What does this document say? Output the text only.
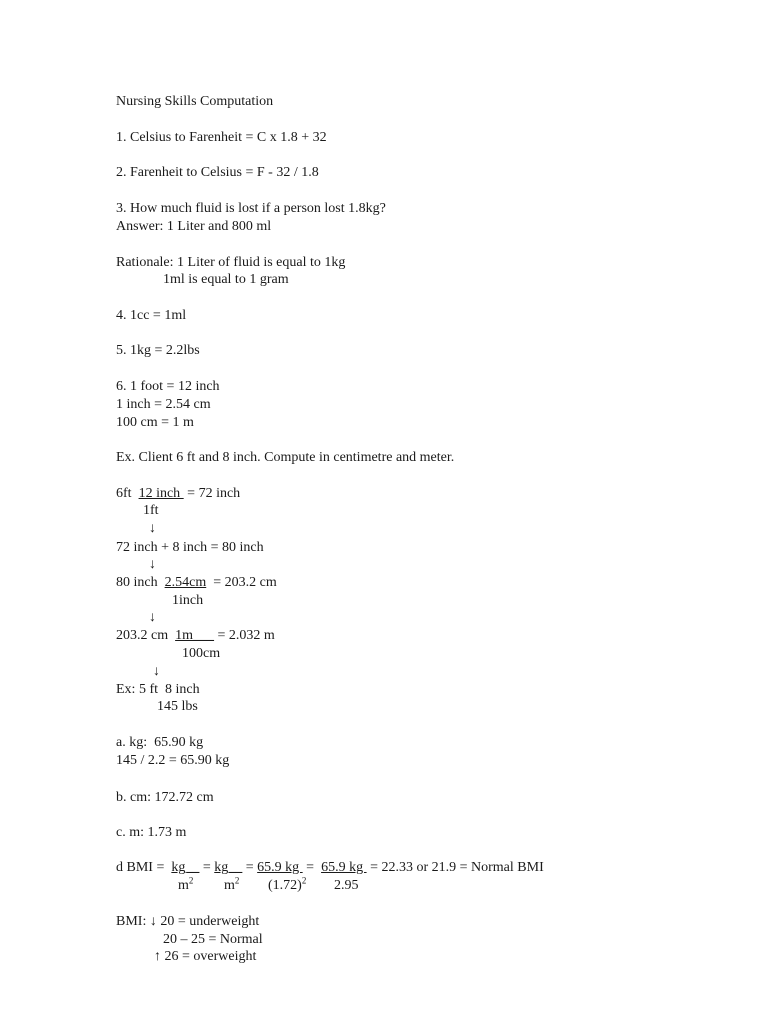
Nursing Skills Computation
1. Celsius to Farenheit = C x 1.8 + 32
2. Farenheit to Celsius = F - 32 / 1.8
3. How much fluid is lost if a person lost 1.8kg?
Answer: 1 Liter and 800 ml
Rationale: 1 Liter of fluid is equal to 1kg
1ml is equal to 1 gram
4. 1cc = 1ml
5. 1kg = 2.2lbs
6. 1 foot = 12 inch
1 inch = 2.54 cm
100 cm = 1 m
Ex. Client 6 ft and 8 inch. Compute in centimetre and meter.
6ft  12 inch  = 72 inch
1ft
↓
72 inch + 8 inch = 80 inch
↓
80 inch  2.54cm  = 203.2 cm
1inch
↓
203.2 cm  1m___ = 2.032 m
100cm
↓
Ex: 5 ft  8 inch
145 lbs
a. kg:  65.90 kg
145 / 2.2 = 65.90 kg
b. cm: 172.72 cm
c. m: 1.73 m
d BMI =  kg__ = kg__ = 65.9 kg  =  65.9 kg  = 22.33 or 21.9 = Normal BMI
$m^2$ $m^2$ $(1.72)^2$ 2.95
BMI: ↓ 20 = underweight
20 – 25 = Normal
↑ 26 = overweight
